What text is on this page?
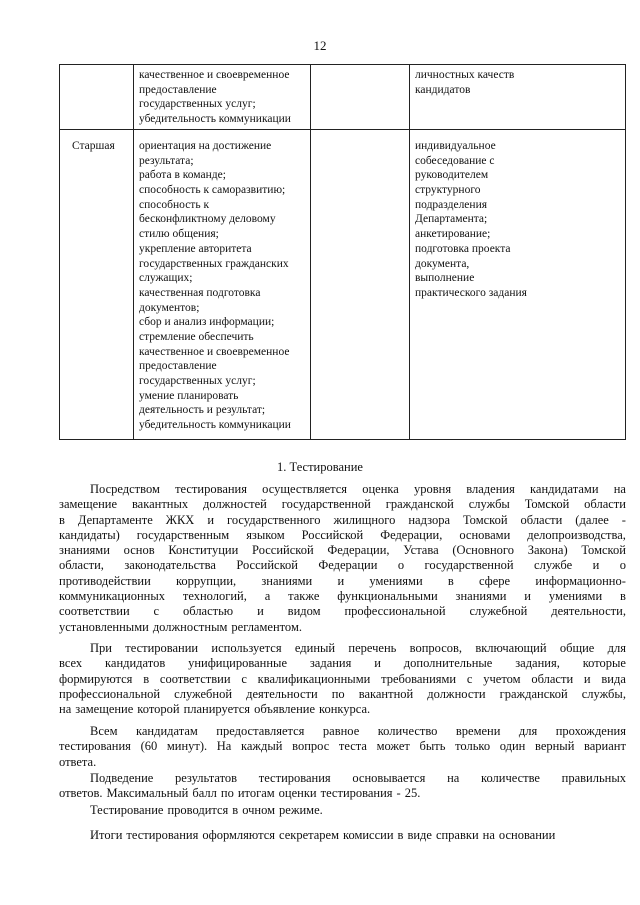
12
качественное и своевременное
предоставление
государственных услуг;
убедительность коммуникации
личностных качеств
кандидатов
Старшая ориентация на достижение
результата;
работа в команде;
способность к саморазвитию;
способность к
бесконфликтному деловому
стилю общения;
укрепление авторитета
государственных гражданских
служащих;
качественная подготовка
документов;
сбор и анализ информации;
стремление обеспечить
качественное и своевременное
предоставление
государственных услуг;
умение планировать
деятельность и результат;
убедительность коммуникации
индивидуальное
собеседование с
руководителем
структурного
подразделения
Департамента;
анкетирование;
подготовка проекта
документа,
выполнение
практического задания
1. Тестирование
Посредством тестирования осуществляется оценка уровня владения кандидатами на
замещение вакантных должностей государственной гражданской службы Томской области
в Департаменте ЖКХ и государственного жилищного надзора Томской области (далее -
кандидаты) государственным языком Российской Федерации, основами делопроизводства,
знаниями основ Конституции Российской Федерации, Устава (Основного Закона) Томской
области, законодательства Российской Федерации о государственной службе и о
противодействии коррупции, знаниями и умениями в сфере информационно-
коммуникационных технологий, а также функциональными знаниями и умениями в
соответствии с областью и видом профессиональной служебной деятельности,
установленными должностным регламентом.
При тестировании используется единый перечень вопросов, включающий общие для
всех кандидатов унифицированные задания и дополнительные задания, которые
формируются в соответствии с квалификационными требованиями с учетом области и вида
профессиональной служебной деятельности по вакантной должности гражданской службы,
на замещение которой планируется объявление конкурса.
Всем кандидатам предоставляется равное количество времени для прохождения
тестирования (60 минут). На каждый вопрос теста может быть только один верный вариант
ответа.
Подведение результатов тестирования основывается на количестве правильных
ответов. Максимальный балл по итогам оценки тестирования - 25.
Тестирование проводится в очном режиме.
Итоги тестирования оформляются секретарем комиссии в виде справки на основании
